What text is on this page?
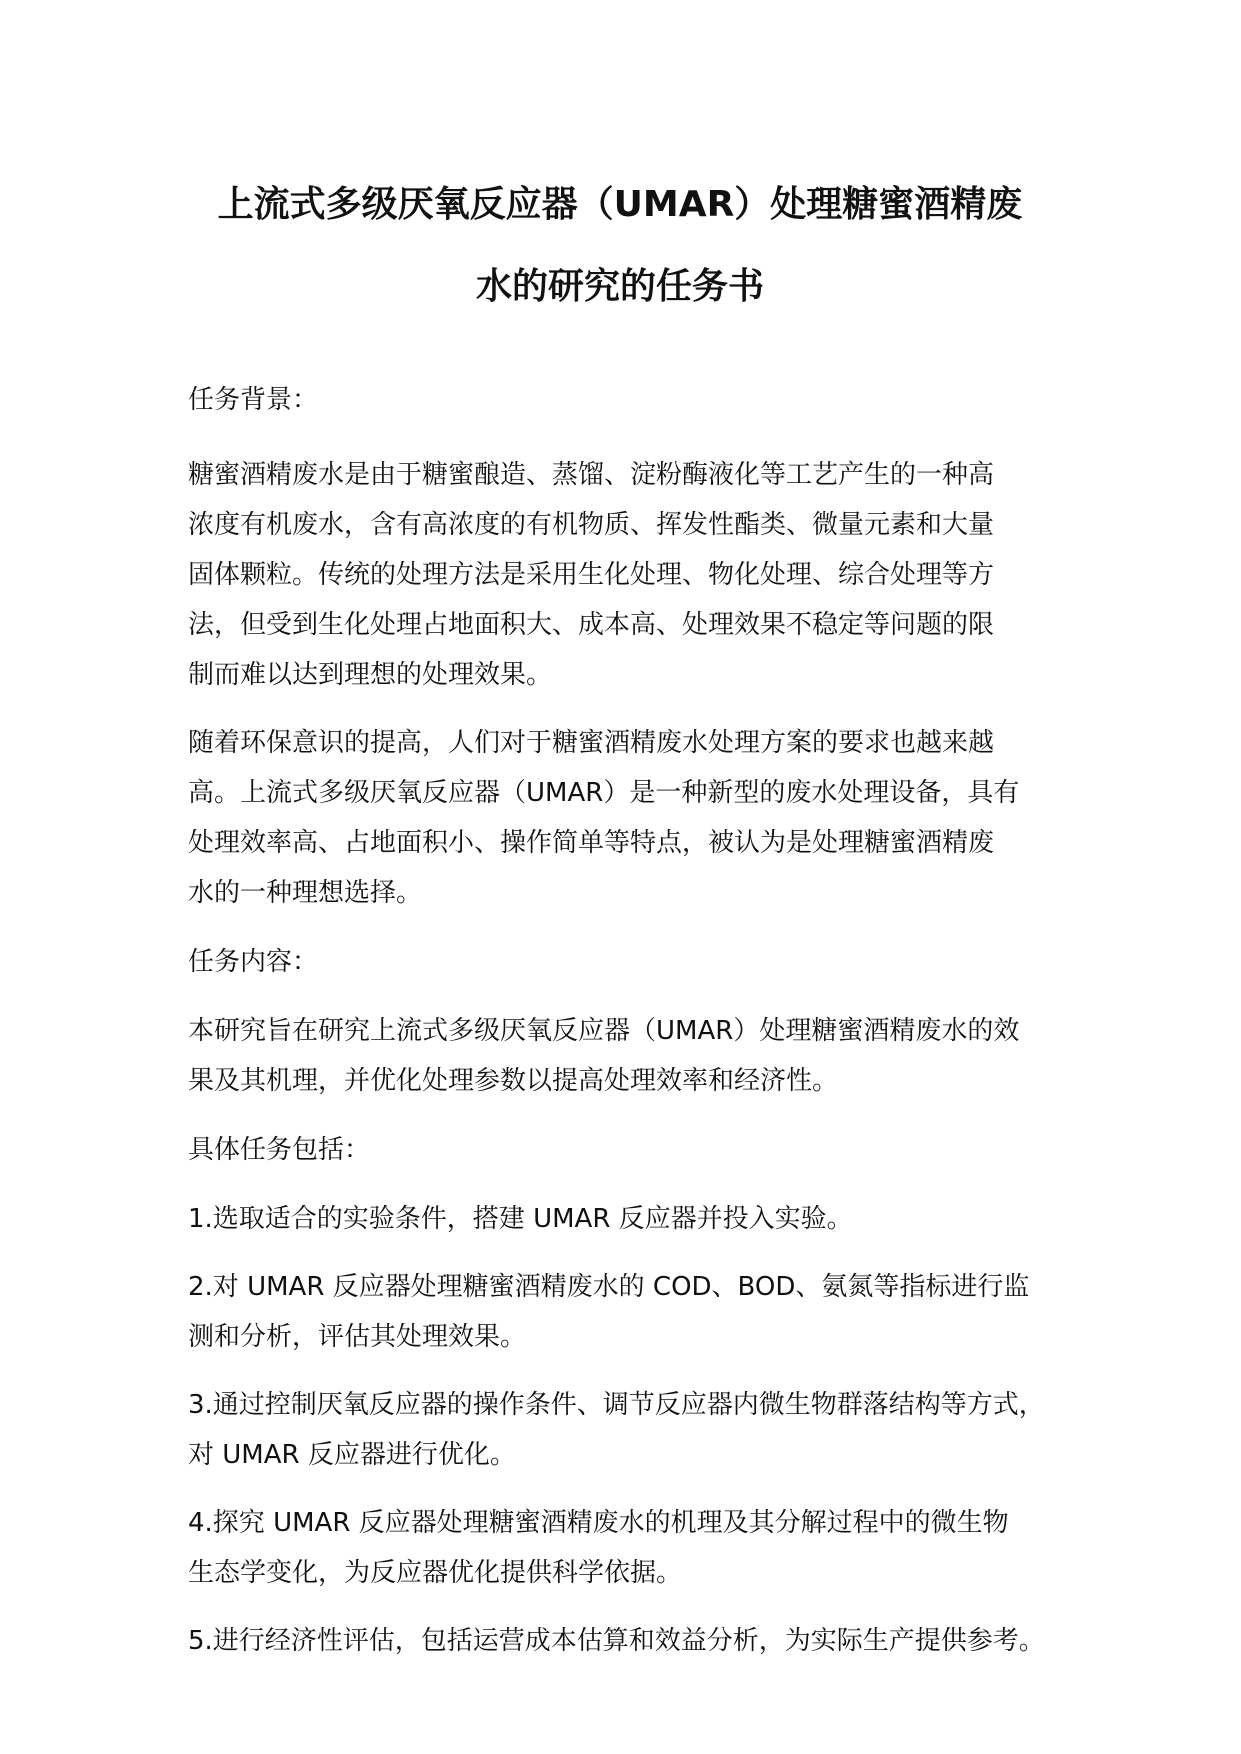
上流式多级厌氧反应器（UMAR）处理糖蜜酒精废
水的研究的任务书

任务背景：

糖蜜酒精废水是由于糖蜜酿造、蒸馏、淀粉酶液化等工艺产生的一种高
浓度有机废水，含有高浓度的有机物质、挥发性酯类、微量元素和大量
固体颗粒。传统的处理方法是采用生化处理、物化处理、综合处理等方
法，但受到生化处理占地面积大、成本高、处理效果不稳定等问题的限
制而难以达到理想的处理效果。

随着环保意识的提高，人们对于糖蜜酒精废水处理方案的要求也越来越
高。上流式多级厌氧反应器（UMAR）是一种新型的废水处理设备，具有
处理效率高、占地面积小、操作简单等特点，被认为是处理糖蜜酒精废
水的一种理想选择。

任务内容：

本研究旨在研究上流式多级厌氧反应器（UMAR）处理糖蜜酒精废水的效
果及其机理，并优化处理参数以提高处理效率和经济性。

具体任务包括：

1.选取适合的实验条件，搭建 UMAR 反应器并投入实验。

2.对 UMAR 反应器处理糖蜜酒精废水的 COD、BOD、氨氮等指标进行监
测和分析，评估其处理效果。

3.通过控制厌氧反应器的操作条件、调节反应器内微生物群落结构等方式，
对 UMAR 反应器进行优化。

4.探究 UMAR 反应器处理糖蜜酒精废水的机理及其分解过程中的微生物
生态学变化，为反应器优化提供科学依据。

5.进行经济性评估，包括运营成本估算和效益分析，为实际生产提供参考。
